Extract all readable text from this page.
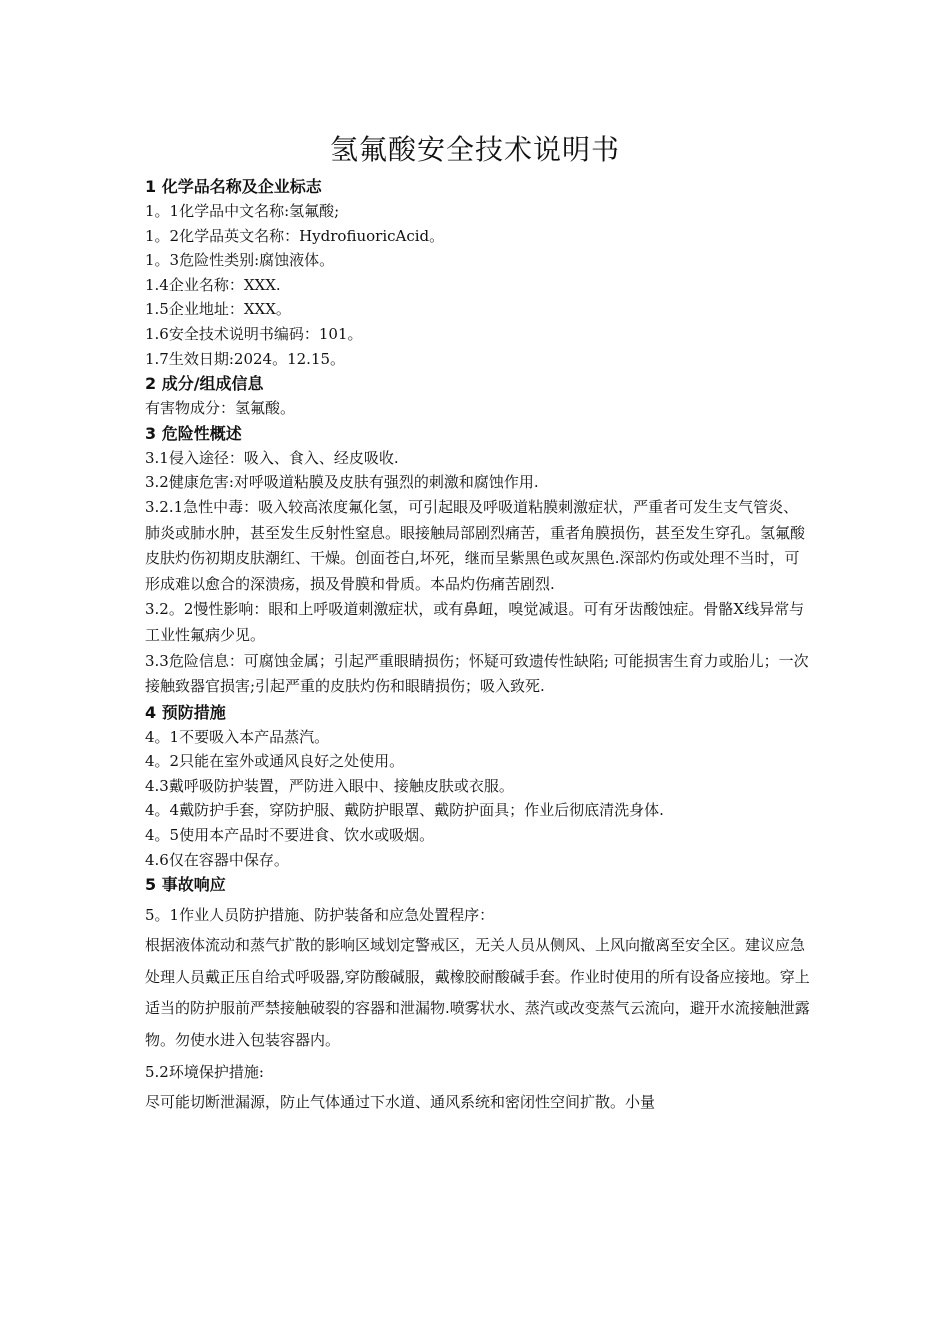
氢氟酸安全技术说明书
1 化学品名称及企业标志
1。1化学品中文名称:氢氟酸;
1。2化学品英文名称：HydrofiuoricAcid。
1。3危险性类别:腐蚀液体。
1.4企业名称：XXX.
1.5企业地址：XXX。
1.6安全技术说明书编码：101。
1.7生效日期:2024。12.15。
2 成分/组成信息
有害物成分：氢氟酸。
3 危险性概述
3.1侵入途径：吸入、食入、经皮吸收.
3.2健康危害:对呼吸道粘膜及皮肤有强烈的刺激和腐蚀作用.
3.2.1急性中毒：吸入较高浓度氟化氢，可引起眼及呼吸道粘膜刺激症状，严重者可发生支气管炎、肺炎或肺水肿，甚至发生反射性窒息。眼接触局部剧烈痛苦，重者角膜损伤，甚至发生穿孔。氢氟酸皮肤灼伤初期皮肤潮红、干燥。创面苍白,坏死，继而呈紫黑色或灰黑色.深部灼伤或处理不当时，可形成难以愈合的深溃疡，损及骨膜和骨质。本品灼伤痛苦剧烈.
3.2。2慢性影响：眼和上呼吸道刺激症状，或有鼻衄，嗅觉减退。可有牙齿酸蚀症。骨骼X线异常与工业性氟病少见。
3.3危险信息：可腐蚀金属；引起严重眼睛损伤；怀疑可致遗传性缺陷; 可能损害生育力或胎儿；一次接触致器官损害;引起严重的皮肤灼伤和眼睛损伤；吸入致死.
4 预防措施
4。1不要吸入本产品蒸汽。
4。2只能在室外或通风良好之处使用。
4.3戴呼吸防护装置，严防进入眼中、接触皮肤或衣服。
4。4戴防护手套，穿防护服、戴防护眼罩、戴防护面具；作业后彻底清洗身体.
4。5使用本产品时不要进食、饮水或吸烟。
4.6仅在容器中保存。
5 事故响应
5。1作业人员防护措施、防护装备和应急处置程序：
根据液体流动和蒸气扩散的影响区域划定警戒区，无关人员从侧风、上风向撤离至安全区。建议应急处理人员戴正压自给式呼吸器,穿防酸碱服，戴橡胶耐酸碱手套。作业时使用的所有设备应接地。穿上适当的防护服前严禁接触破裂的容器和泄漏物.喷雾状水、蒸汽或改变蒸气云流向，避开水流接触泄露物。勿使水进入包装容器内。
5.2环境保护措施:
尽可能切断泄漏源，防止气体通过下水道、通风系统和密闭性空间扩散。小量
